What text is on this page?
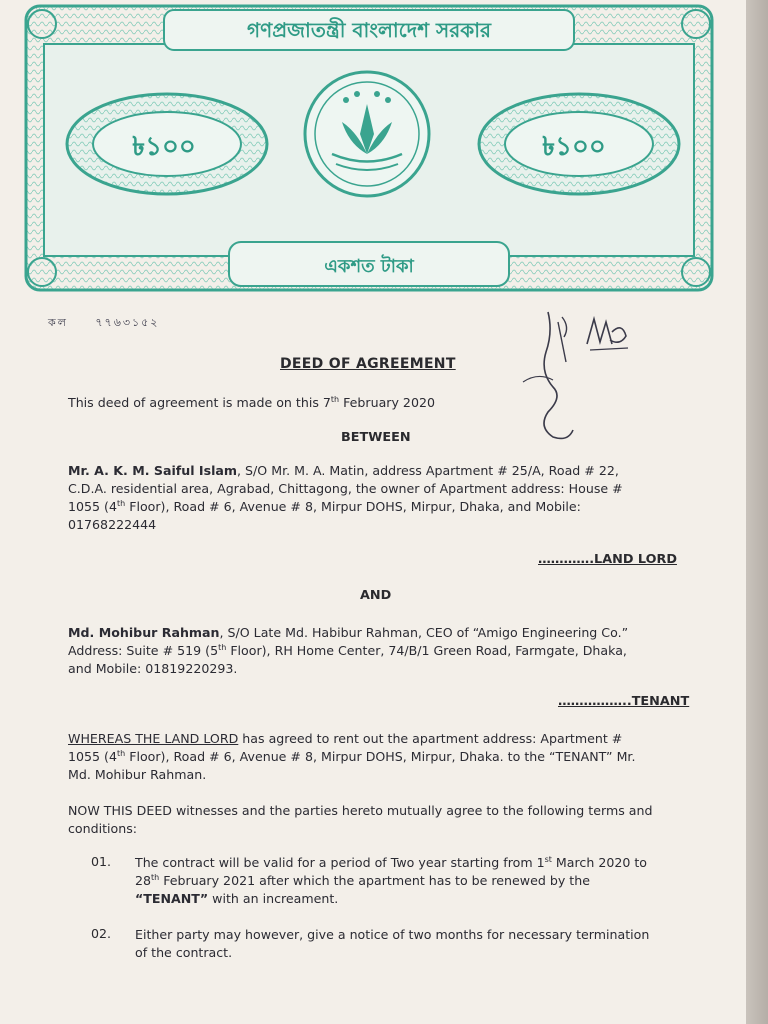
গণপ্রজাতন্ত্রী বাংলাদেশ সরকার
৳১০০	৳১০০
একশত টাকা
কল	৭৭৬৩১৫২
DEED OF AGREEMENT
This deed of agreement is made on this 7th February 2020
BETWEEN
Mr. A. K. M. Saiful Islam, S/O Mr. M. A. Matin, address Apartment # 25/A, Road # 22,
C.D.A. residential area, Agrabad, Chittagong, the owner of Apartment address: House #
1055 (4th Floor), Road # 6, Avenue # 8, Mirpur DOHS, Mirpur, Dhaka, and Mobile:
01768222444
………….LAND LORD
AND
Md. Mohibur Rahman, S/O Late Md. Habibur Rahman, CEO of “Amigo Engineering Co.”
Address: Suite # 519 (5th Floor), RH Home Center, 74/B/1 Green Road, Farmgate, Dhaka,
and Mobile: 01819220293.
……………..TENANT
WHEREAS THE LAND LORD has agreed to rent out the apartment address: Apartment #
1055 (4th Floor), Road # 6, Avenue # 8, Mirpur DOHS, Mirpur, Dhaka. to the “TENANT” Mr.
Md. Mohibur Rahman.
NOW THIS DEED witnesses and the parties hereto mutually agree to the following terms and
conditions:
01. The contract will be valid for a period of Two year starting from 1st March 2020 to
28th February 2021 after which the apartment has to be renewed by the
“TENANT” with an increament.
02. Either party may however, give a notice of two months for necessary termination
of the contract.
